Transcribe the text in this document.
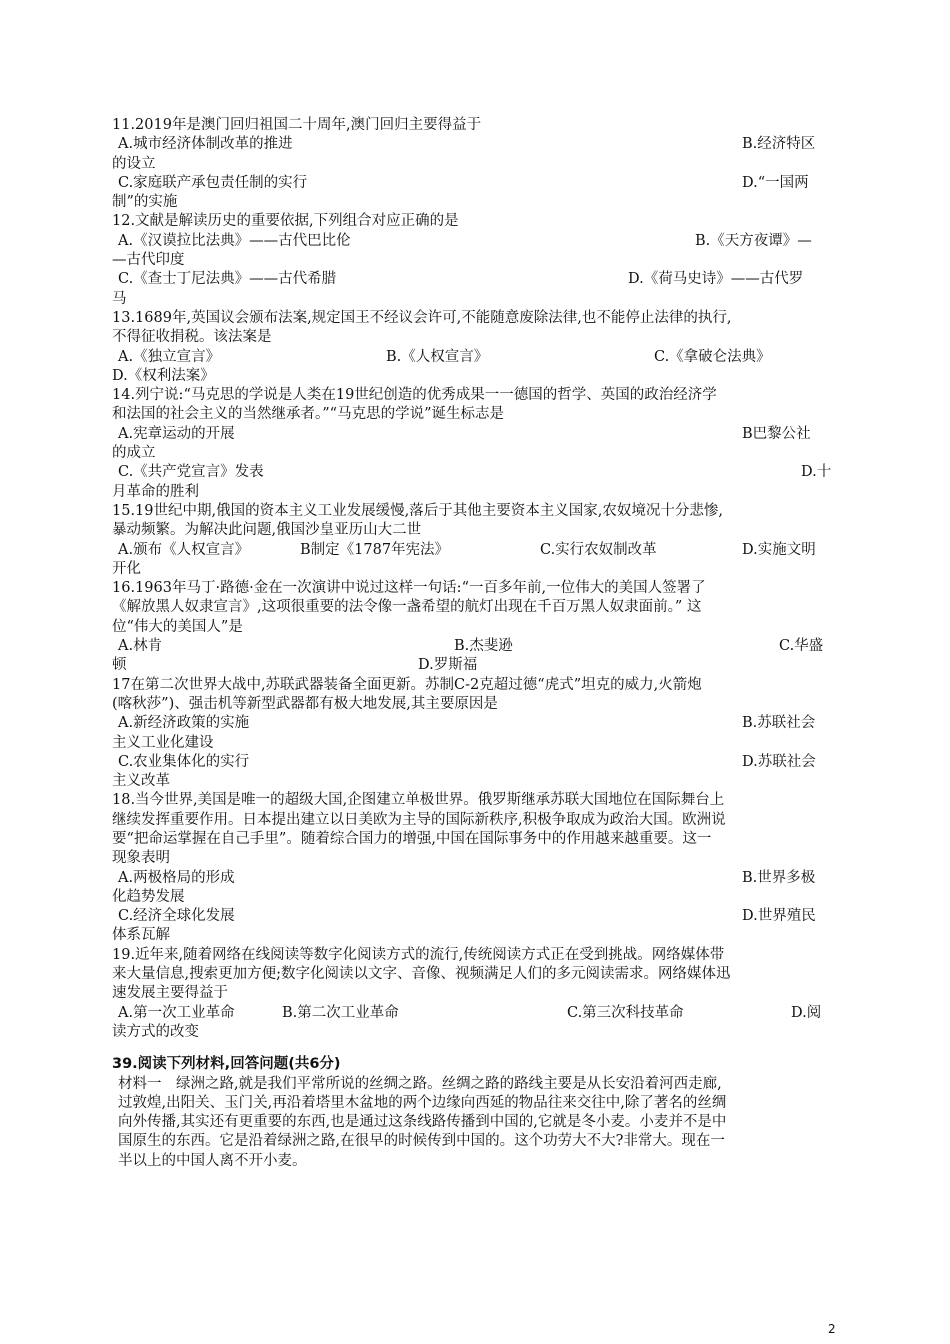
11.2019年是澳门回归祖国二十周年,澳门回归主要得益于
A.城市经济体制改革的推进	B.经济特区
的设立
C.家庭联产承包责任制的实行	D.“一国两
制”的实施
12.文献是解读历史的重要依据,下列组合对应正确的是
A.《汉谟拉比法典》——古代巴比伦	B.《天方夜谭》—
—古代印度
C.《查士丁尼法典》——古代希腊	D.《荷马史诗》——古代罗
马
13.1689年,英国议会颁布法案,规定国王不经议会许可,不能随意废除法律,也不能停止法律的执行,
不得征收捐税。该法案是
A.《独立宣言》	B.《人权宣言》	C.《拿破仑法典》
D.《权利法案》
14.列宁说:“马克思的学说是人类在19世纪创造的优秀成果一一德国的哲学、英国的政治经济学
和法国的社会主义的当然继承者。”“马克思的学说”诞生标志是
A.宪章运动的开展	B巴黎公社
的成立
C.《共产党宣言》发表	D.十
月革命的胜利
15.19世纪中期,俄国的资本主义工业发展缓慢,落后于其他主要资本主义国家,农奴境况十分悲惨,
暴动频繁。为解决此问题,俄国沙皇亚历山大二世
A.颁布《人权宣言》	B制定《1787年宪法》	C.实行农奴制改革	D.实施文明
开化
16.1963年马丁·路德·金在一次演讲中说过这样一句话:“一百多年前,一位伟大的美国人签署了
《解放黑人奴隶宣言》,这项很重要的法令像一盏希望的航灯出现在千百万黑人奴隶面前。” 这
位“伟大的美国人”是
A.林肯	B.杰斐逊	C.华盛
顿	D.罗斯福
17在第二次世界大战中,苏联武器装备全面更新。苏制C-2克超过德“虎式”坦克的威力,火箭炮
(喀秋莎”)、强击机等新型武器都有极大地发展,其主要原因是
A.新经济政策的实施	B.苏联社会
主义工业化建设
C.农业集体化的实行	D.苏联社会
主义改革
18.当今世界,美国是唯一的超级大国,企图建立单极世界。俄罗斯继承苏联大国地位在国际舞台上
继续发挥重要作用。日本提出建立以日美欧为主导的国际新秩序,积极争取成为政治大国。欧洲说
要“把命运掌握在自己手里”。随着综合国力的增强,中国在国际事务中的作用越来越重要。这一
现象表明
A.两极格局的形成	B.世界多极
化趋势发展
C.经济全球化发展	D.世界殖民
体系瓦解
19.近年来,随着网络在线阅读等数字化阅读方式的流行,传统阅读方式正在受到挑战。网络媒体带
来大量信息,搜索更加方便;数字化阅读以文字、音像、视频满足人们的多元阅读需求。网络媒体迅
速发展主要得益于
A.第一次工业革命	B.第二次工业革命	C.第三次科技革命	D.阅
读方式的改变
39.阅读下列材料,回答问题(共6分)
材料一　绿洲之路,就是我们平常所说的丝绸之路。丝绸之路的路线主要是从长安沿着河西走廊,
过敦煌,出阳关、玉门关,再沿着塔里木盆地的两个边缘向西延的物品往来交往中,除了著名的丝绸
向外传播,其实还有更重要的东西,也是通过这条线路传播到中国的,它就是冬小麦。小麦并不是中
国原生的东西。它是沿着绿洲之路,在很早的时候传到中国的。这个功劳大不大?非常大。现在一
半以上的中国人离不开小麦。
2
